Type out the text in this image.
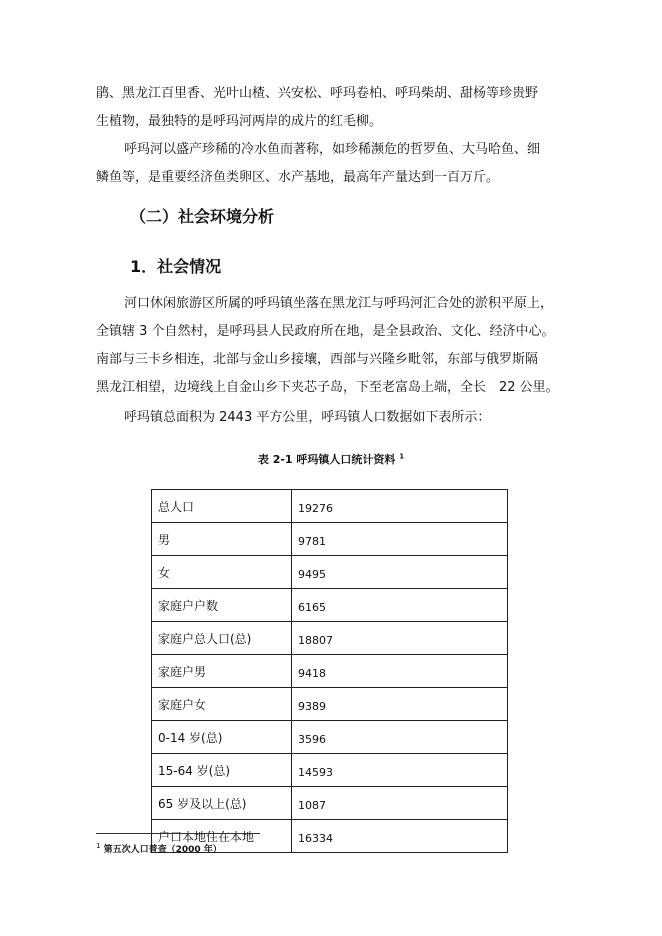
鹃、黑龙江百里香、光叶山楂、兴安松、呼玛卷柏、呼玛柴胡、甜杨等珍贵野
生植物，最独特的是呼玛河两岸的成片的红毛柳。
呼玛河以盛产珍稀的冷水鱼而著称，如珍稀濒危的哲罗鱼、大马哈鱼、细
鳞鱼等，是重要经济鱼类卵区、水产基地，最高年产量达到一百万斤。
（二）社会环境分析
1．社会情况
河口休闲旅游区所属的呼玛镇坐落在黑龙江与呼玛河汇合处的淤积平原上，
全镇辖 3 个自然村，是呼玛县人民政府所在地，是全县政治、文化、经济中心。
南部与三卡乡相连，北部与金山乡接壤，西部与兴隆乡毗邻，东部与俄罗斯隔
黑龙江相望，边境线上自金山乡下夹芯子岛，下至老富岛上端，全长　22 公里。
呼玛镇总面积为 2443 平方公里，呼玛镇人口数据如下表所示：

表 2-1 呼玛镇人口统计资料 $^1$

总人口	19276
男	9781
女	9495
家庭户户数	6165
家庭户总人口(总)	18807
家庭户男	9418
家庭户女	9389
0-14 岁(总)	3596
15-64 岁(总)	14593
65 岁及以上(总)	1087
户口本地住在本地	16334

$^1$ 第五次人口普查（2000 年）
